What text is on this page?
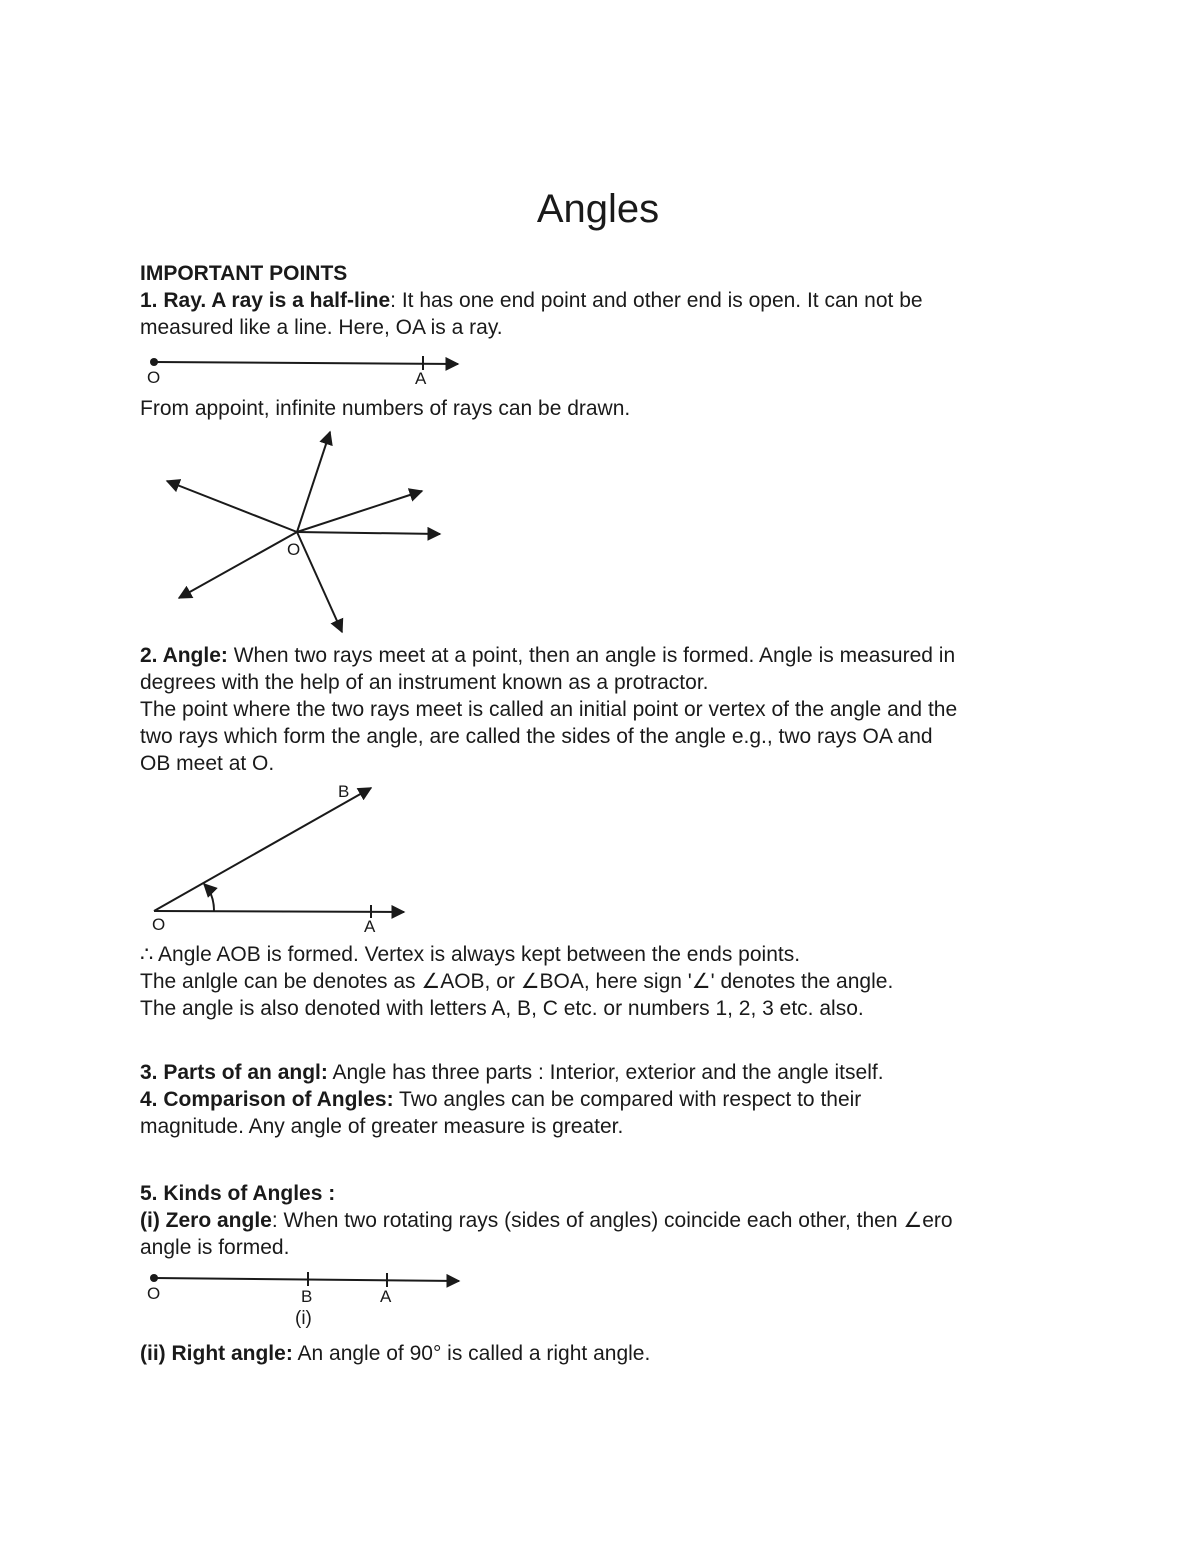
Angles
IMPORTANT POINTS
1. Ray. A ray is a half-line: It has one end point and other end is open. It can not be
measured like a line. Here, OA is a ray.
O	A
From appoint, infinite numbers of rays can be drawn.
O
2. Angle: When two rays meet at a point, then an angle is formed. Angle is measured in
degrees with the help of an instrument known as a protractor.
The point where the two rays meet is called an initial point or vertex of the angle and the
two rays which form the angle, are called the sides of the angle e.g., two rays OA and
OB meet at O.
B
O	A
∴ Angle AOB is formed. Vertex is always kept between the ends points.
The anlgle can be denotes as ∠AOB, or ∠BOA, here sign '∠' denotes the angle.
The angle is also denoted with letters A, B, C etc. or numbers 1, 2, 3 etc. also.
3. Parts of an angl: Angle has three parts : Interior, exterior and the angle itself.
4. Comparison of Angles: Two angles can be compared with respect to their
magnitude. Any angle of greater measure is greater.
5. Kinds of Angles :
(i) Zero angle: When two rotating rays (sides of angles) coincide each other, then ∠ero
angle is formed.
O	B	A
(i)
(ii) Right angle: An angle of 90° is called a right angle.
